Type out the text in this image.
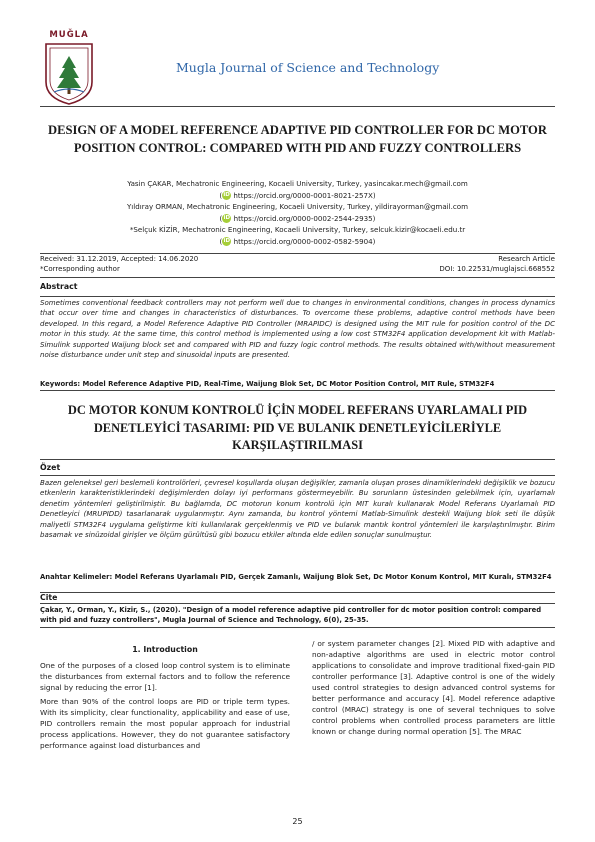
MUĞLA
Mugla Journal of Science and Technology
DESIGN OF A MODEL REFERENCE ADAPTIVE PID CONTROLLER FOR DC MOTOR POSITION CONTROL: COMPARED WITH PID AND FUZZY CONTROLLERS
Yasin ÇAKAR, Mechatronic Engineering, Kocaeli University, Turkey, yasincakar.mech@gmail.com
(iD https://orcid.org/0000-0001-8021-257X)
Yıldıray ORMAN, Mechatronic Engineering, Kocaeli University, Turkey, yildirayorman@gmail.com
(iD https://orcid.org/0000-0002-2544-2935)
*Selçuk KİZİR, Mechatronic Engineering, Kocaeli University, Turkey, selcuk.kizir@kocaeli.edu.tr
(iD https://orcid.org/0000-0002-0582-5904)
Received: 31.12.2019, Accepted: 14.06.2020
*Corresponding author
Research Article
DOI: 10.22531/muglajsci.668552
Abstract
Sometimes conventional feedback controllers may not perform well due to changes in environmental conditions, changes in process dynamics that occur over time and changes in characteristics of disturbances. To overcome these problems, adaptive control methods have been developed. In this regard, a Model Reference Adaptive PID Controller (MRAPIDC) is designed using the MIT rule for position control of the DC motor in this study. At the same time, this control method is implemented using a low cost STM32F4 application development kit with Matlab-Simulink supported Waijung block set and compared with PID and fuzzy logic control methods. The results obtained with/without measurement noise disturbance under unit step and sinusoidal inputs are presented.
Keywords: Model Reference Adaptive PID, Real-Time, Waijung Blok Set, DC Motor Position Control, MIT Rule, STM32F4
DC MOTOR KONUM KONTROLÜ İÇİN MODEL REFERANS UYARLAMALI PID DENETLEYİCİ TASARIMI: PID VE BULANIK DENETLEYİCİLERİYLE KARŞILAŞTIRILMASI
Özet
Bazen geleneksel geri beslemeli kontrolörleri, çevresel koşullarda oluşan değişikler, zamanla oluşan proses dinamiklerindeki değişiklik ve bozucu etkenlerin karakteristiklerindeki değişimlerden dolayı iyi performans göstermeyebilir. Bu sorunların üstesinden gelebilmek için, uyarlamalı denetim yöntemleri geliştirilmiştir. Bu bağlamda, DC motorun konum kontrolü için MIT kuralı kullanarak Model Referans Uyarlamalı PID Denetleyici (MRUPIDD) tasarlanarak uygulanmıştır. Aynı zamanda, bu kontrol yöntemi Matlab-Simulink destekli Waijung blok seti ile düşük maliyetli STM32F4 uygulama geliştirme kiti kullanılarak gerçeklenmiş ve PID ve bulanık mantık kontrol yöntemleri ile karşılaştırılmıştır. Birim basamak ve sinüzoidal girişler ve ölçüm gürültüsü gibi bozucu etkiler altında elde edilen sonuçlar sunulmuştur.
Anahtar Kelimeler: Model Referans Uyarlamalı PID, Gerçek Zamanlı, Waijung Blok Set, Dc Motor Konum Kontrol, MIT Kuralı, STM32F4
Cite
Çakar, Y., Orman, Y., Kizir, S., (2020). "Design of a model reference adaptive pid controller for dc motor position control: compared with pid and fuzzy controllers", Mugla Journal of Science and Technology, 6(0), 25-35.
1. Introduction

One of the purposes of a closed loop control system is to eliminate the disturbances from external factors and to follow the reference signal by reducing the error [1].

More than 90% of the control loops are PID or triple term types. With its simplicity, clear functionality, applicability and ease of use, PID controllers remain the most popular approach for industrial process applications. However, they do not guarantee satisfactory performance against load disturbances and

/ or system parameter changes [2]. Mixed PID with adaptive and non-adaptive algorithms are used in electric motor control applications to consolidate and improve traditional fixed-gain PID controller performance [3]. Adaptive control is one of the widely used control strategies to design advanced control systems for better performance and accuracy [4]. Model reference adaptive control (MRAC) strategy is one of several techniques to solve control problems when controlled process parameters are little known or change during normal operation [5]. The MRAC

25
